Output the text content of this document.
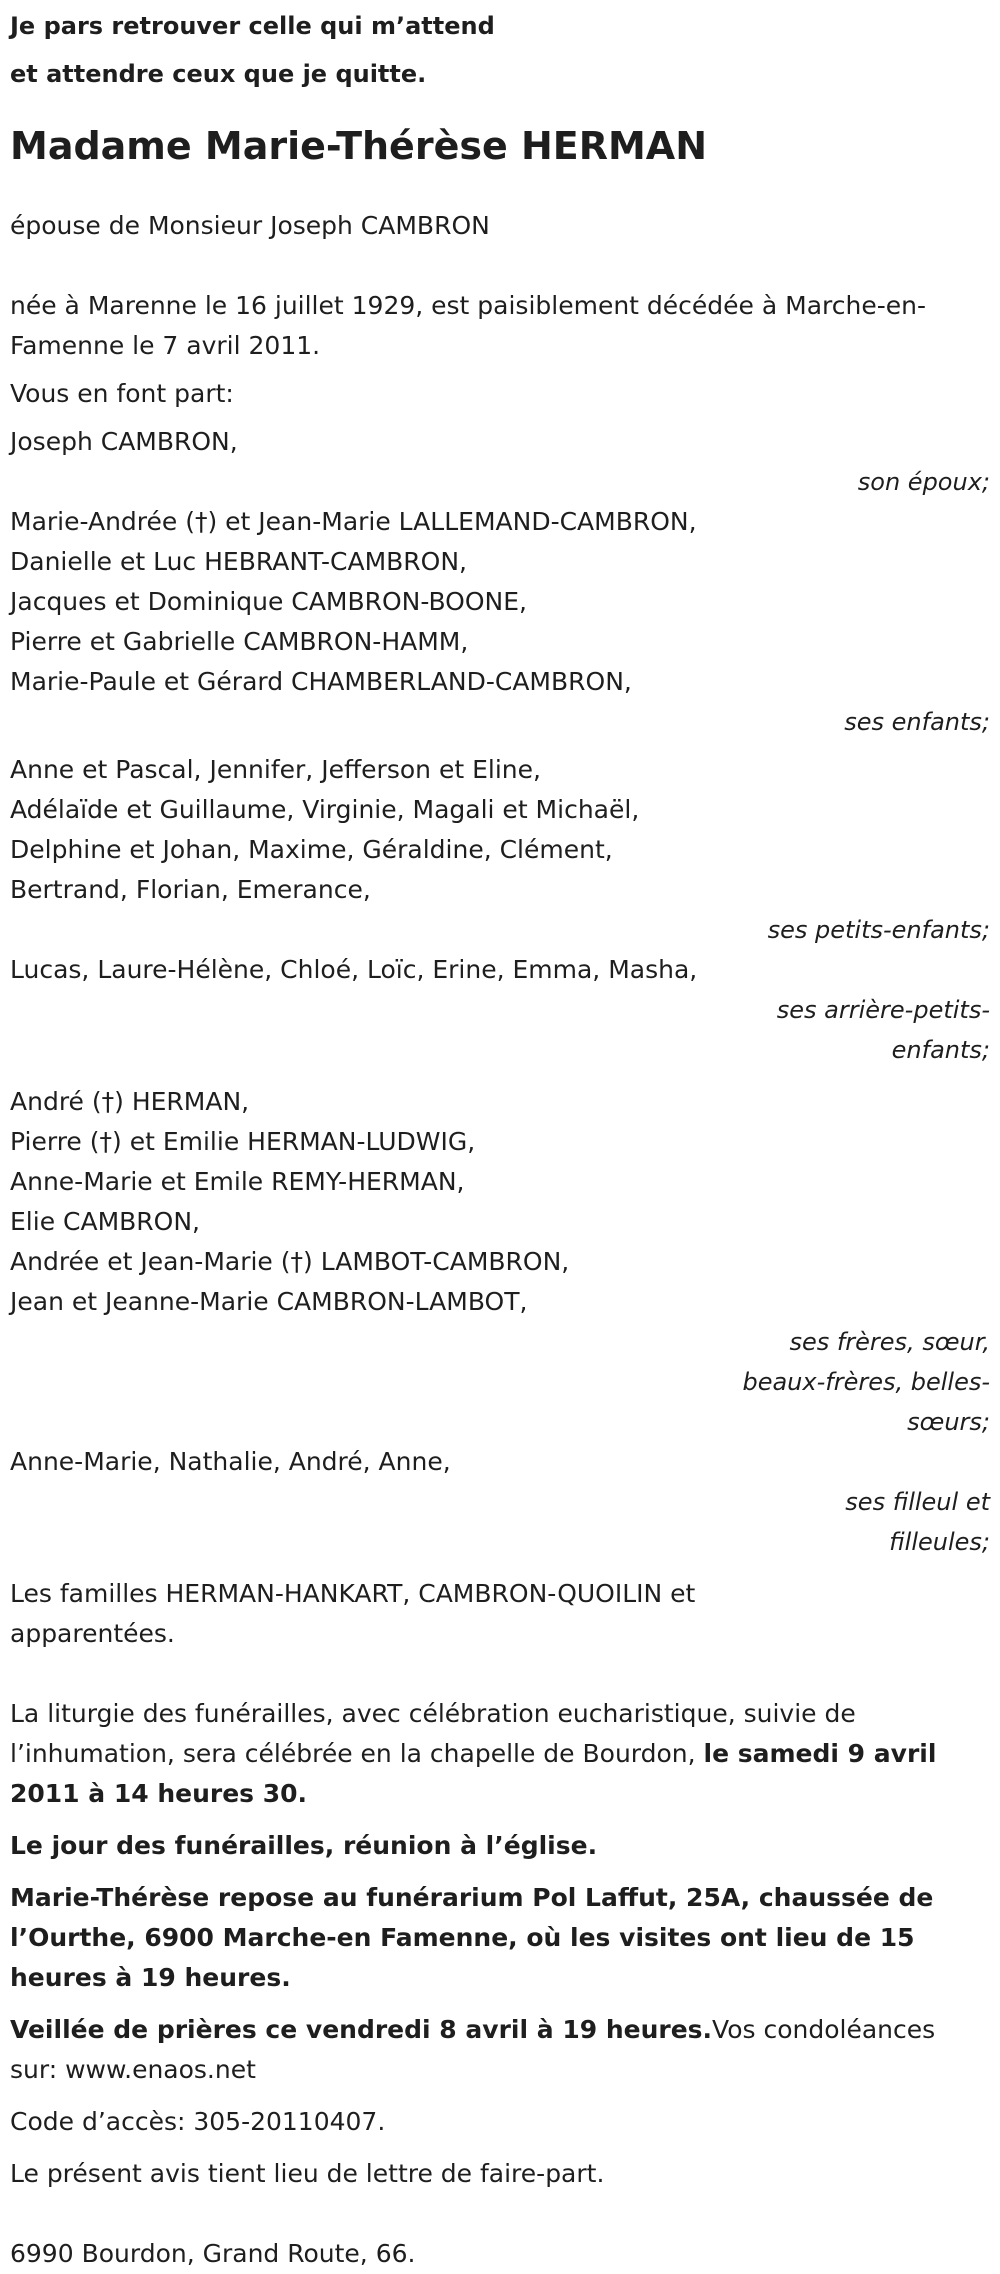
Je pars retrouver celle qui m’attend

et attendre ceux que je quitte.

Madame Marie-Thérèse HERMAN

épouse de Monsieur Joseph CAMBRON

née à Marenne le 16 juillet 1929, est paisiblement décédée à Marche-en-Famenne le 7 avril 2011.

Vous en font part:

Joseph CAMBRON,

son époux;

Marie-Andrée (†) et Jean-Marie LALLEMAND-CAMBRON,

Danielle et Luc HEBRANT-CAMBRON,

Jacques et Dominique CAMBRON-BOONE,

Pierre et Gabrielle CAMBRON-HAMM,

Marie-Paule et Gérard CHAMBERLAND-CAMBRON,

ses enfants;

Anne et Pascal, Jennifer, Jefferson et Eline,

Adélaïde et Guillaume, Virginie, Magali et Michaël,

Delphine et Johan, Maxime, Géraldine, Clément,

Bertrand, Florian, Emerance,

ses petits-enfants;

Lucas, Laure-Hélène, Chloé, Loïc, Erine, Emma, Masha,

ses arrière-petits-enfants;

André (†) HERMAN,

Pierre (†) et Emilie HERMAN-LUDWIG,

Anne-Marie et Emile REMY-HERMAN,

Elie CAMBRON,

Andrée et Jean-Marie (†) LAMBOT-CAMBRON,

Jean et Jeanne-Marie CAMBRON-LAMBOT,

ses frères, sœur, beaux-frères, belles-sœurs;

Anne-Marie, Nathalie, André, Anne,

ses filleul et filleules;

Les familles HERMAN-HANKART, CAMBRON-QUOILIN et apparentées.

La liturgie des funérailles, avec célébration eucharistique, suivie de l’inhumation, sera célébrée en la chapelle de Bourdon, le samedi 9 avril 2011 à 14 heures 30.

Le jour des funérailles, réunion à l’église.

Marie-Thérèse repose au funérarium Pol Laffut, 25A, chaussée de l’Ourthe, 6900 Marche-en Famenne, où les visites ont lieu de 15 heures à 19 heures.

Veillée de prières ce vendredi 8 avril à 19 heures.Vos condoléances sur: www.enaos.net

Code d’accès: 305-20110407.

Le présent avis tient lieu de lettre de faire-part.

6990 Bourdon, Grand Route, 66.
